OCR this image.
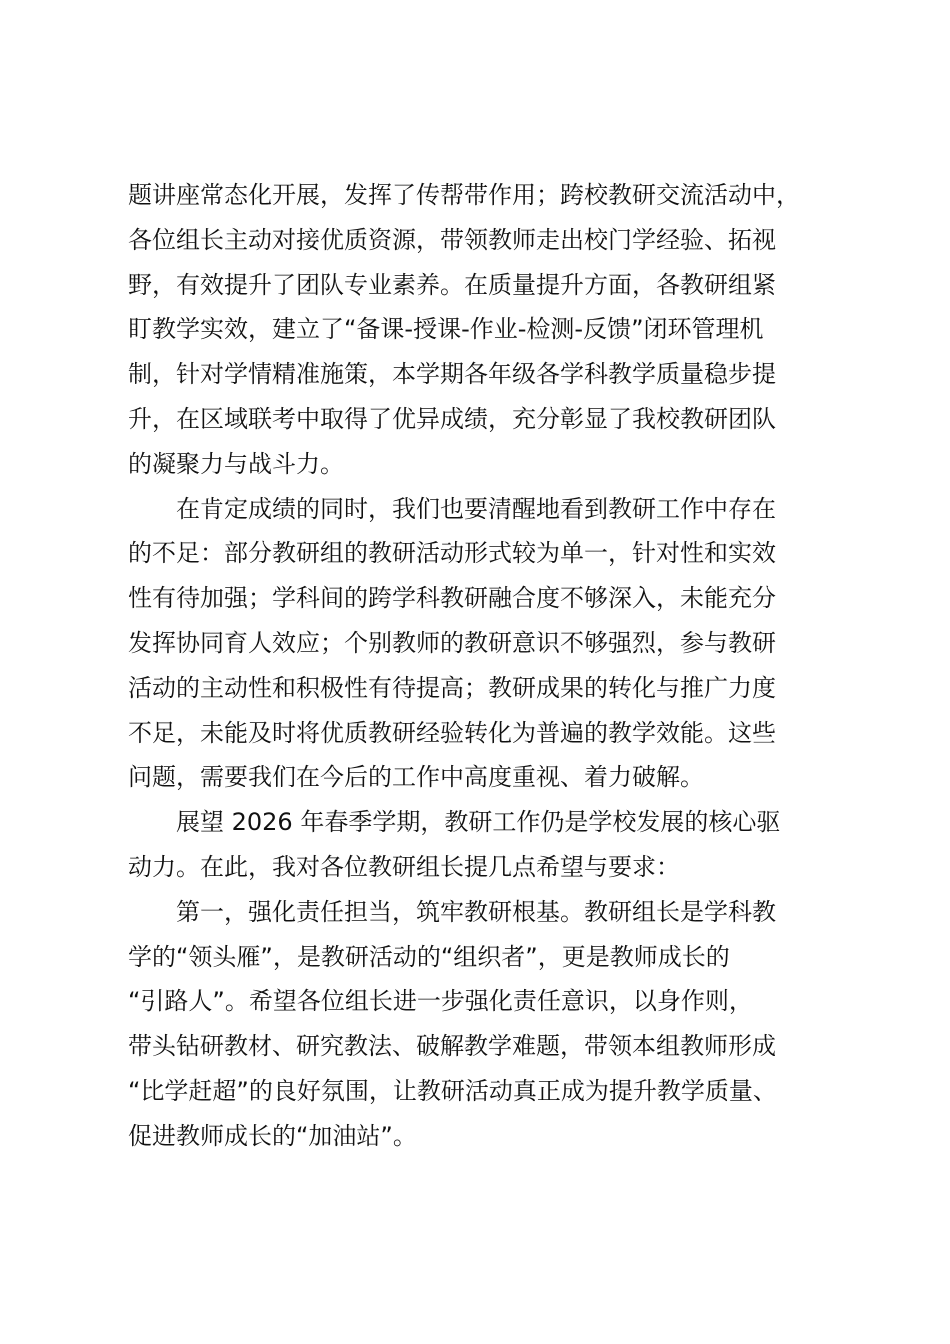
题讲座常态化开展，发挥了传帮带作用；跨校教研交流活动中，
各位组长主动对接优质资源，带领教师走出校门学经验、拓视
野，有效提升了团队专业素养。在质量提升方面，各教研组紧
盯教学实效，建立了“备课-授课-作业-检测-反馈”闭环管理机
制，针对学情精准施策，本学期各年级各学科教学质量稳步提
升，在区域联考中取得了优异成绩，充分彰显了我校教研团队
的凝聚力与战斗力。

　　在肯定成绩的同时，我们也要清醒地看到教研工作中存在
的不足：部分教研组的教研活动形式较为单一，针对性和实效
性有待加强；学科间的跨学科教研融合度不够深入，未能充分
发挥协同育人效应；个别教师的教研意识不够强烈，参与教研
活动的主动性和积极性有待提高；教研成果的转化与推广力度
不足，未能及时将优质教研经验转化为普遍的教学效能。这些
问题，需要我们在今后的工作中高度重视、着力破解。

　　展望 2026 年春季学期，教研工作仍是学校发展的核心驱
动力。在此，我对各位教研组长提几点希望与要求：

　　第一，强化责任担当，筑牢教研根基。教研组长是学科教
学的“领头雁”，是教研活动的“组织者”，更是教师成长的
“引路人”。希望各位组长进一步强化责任意识，以身作则，
带头钻研教材、研究教法、破解教学难题，带领本组教师形成
“比学赶超”的良好氛围，让教研活动真正成为提升教学质量、
促进教师成长的“加油站”。
